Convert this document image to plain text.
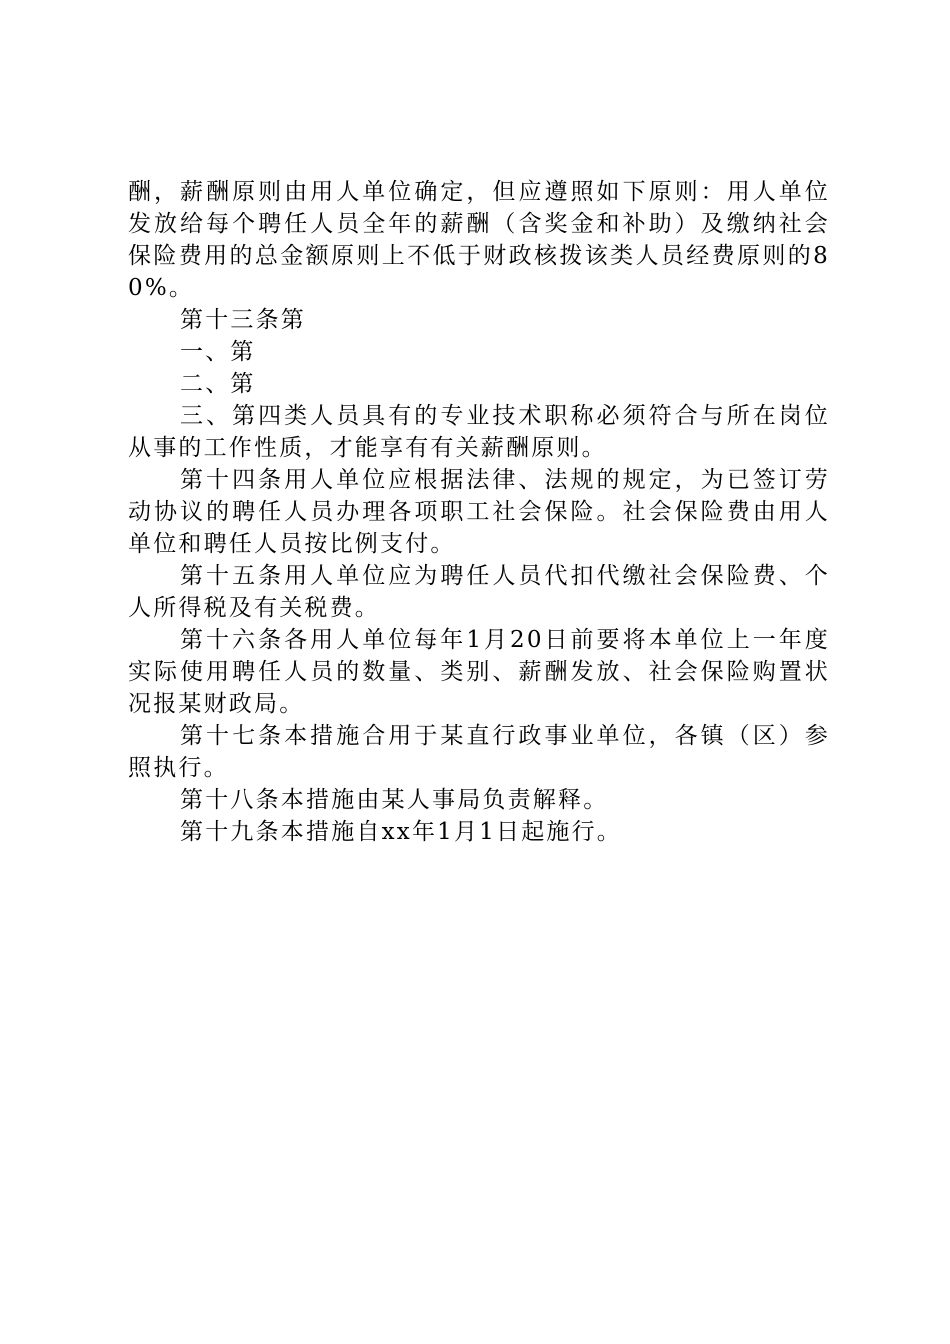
酬，薪酬原则由用人单位确定，但应遵照如下原则：用人单位发放给每个聘任人员全年的薪酬（含奖金和补助）及缴纳社会保险费用的总金额原则上不低于财政核拨该类人员经费原则的80%。

第十三条第

一、第

二、第

三、第四类人员具有的专业技术职称必须符合与所在岗位从事的工作性质，才能享有有关薪酬原则。

第十四条用人单位应根据法律、法规的规定，为已签订劳动协议的聘任人员办理各项职工社会保险。社会保险费由用人单位和聘任人员按比例支付。

第十五条用人单位应为聘任人员代扣代缴社会保险费、个人所得税及有关税费。

第十六条各用人单位每年1月20日前要将本单位上一年度实际使用聘任人员的数量、类别、薪酬发放、社会保险购置状况报某财政局。

第十七条本措施合用于某直行政事业单位，各镇（区）参照执行。

第十八条本措施由某人事局负责解释。

第十九条本措施自xx年1月1日起施行。
